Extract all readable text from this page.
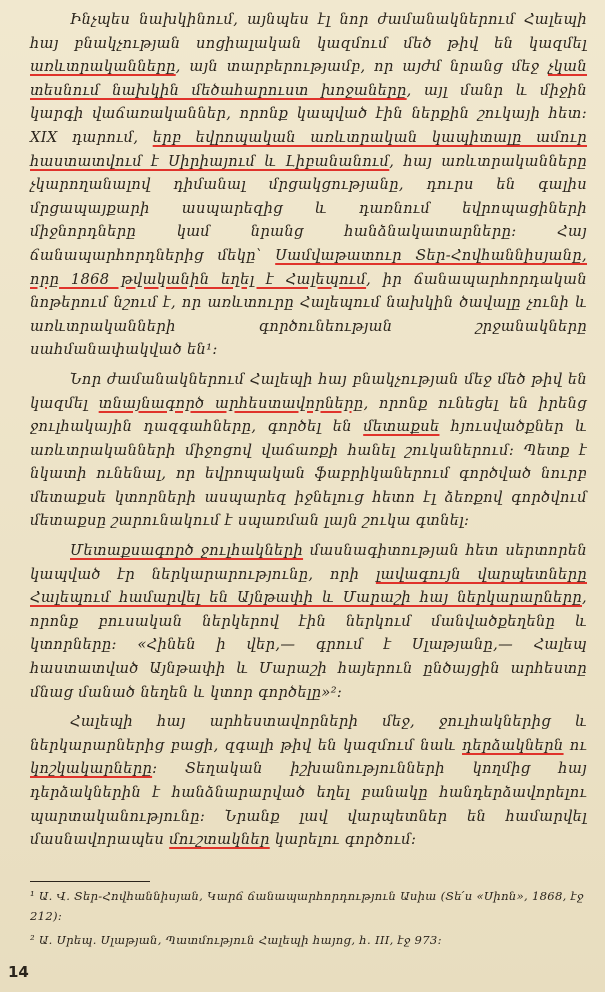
Ինչպես նախկինում, այնպես էլ նոր ժամանակներում Հալեպի հայ բնակչության սոցիալական կազմում մեծ թիվ են կազմել առևտրականները, այն տարբերությամբ, որ այժմ նրանց մեջ չկան տեսնում նախկին մեծահարուստ խոջաները, այլ մանր և միջին կարգի վաճառականներ, որոնք կապված էին ներքին շուկայի հետ։ XIX դարում, երբ եվրոպական առևտրական կապիտալը ամուր հաստատվում է Սիրիայում և Լիբանանում, հայ առևտրականները չկարողանալով դիմանալ մրցակցությանը, դուրս են գալիս մրցապայքարի ասպարեզից և դառնում եվրոպացիների միջնորդները կամ նրանց հանձնակատարները։ Հայ ճանապարհորդներից մեկը՝ Սամվաթատուր Տեր-Հովհաննիսյանը, որը 1868 թվականին եղել է Հալեպում, իր ճանապարհորդական նոթերում նշում է, որ առևտուրը Հալեպում նախկին ծավալը չունի և առևտրականների գործունեության շրջանակները սահմանափակված են¹։

Նոր ժամանակներում Հալեպի հայ բնակչության մեջ մեծ թիվ են կազմել տնայնագործ արհեստավորները, որոնք ունեցել են իրենց ջուլհակային դազգահները, գործել են մետաքսե հյուսվածքներ և առևտրականների միջոցով վաճառքի հանել շուկաներում։ Պետք է նկատի ունենալ, որ եվրոպական ֆաբրիկաներում գործված նուրբ մետաքսե կտորների ասպարեզ իջնելուց հետո էլ ձեռքով գործվում մետաքսը շարունակում է սպառման լայն շուկա գտնել։

Մետաքսագործ ջուլհակների մասնագիտության հետ սերտորեն կապված էր ներկարարությունը, որի լավագույն վարպետները Հալեպում համարվել են Այնթափի և Մարաշի հայ ներկարարները, որոնք բուսական ներկերով էին ներկում մանվածքեղենը և կտորները։ «Հինեն ի վեր,— գրում է Սլաթյանը,— Հալեպ հաստատված Այնթափի և Մարաշի հայերուն ընծայցին արհեստը մնաց մանած նեղեն և կտոր գործելը»²։

Հալեպի հայ արհեստավորների մեջ, ջուլհակներից և ներկարարներից բացի, զգալի թիվ են կազմում նաև դերձակներն ու կոշկակարները։ Տեղական իշխանությունների կողմից հայ դերձակներին է հանձնարարված եղել բանակը հանդերձավորելու պարտականությունը։ Նրանք լավ վարպետներ են համարվել մասնավորապես մուշտակներ կարելու գործում։

¹ Ա. Վ. Տեր-Հովհաննիսյան, Կարճ ճանապարհորդություն Ասիա (Տե՛ս «Սիոն», 1868, էջ 212)։
² Ա. Սրեպ. Սլաթյան, Պատմություն Հալեպի հայոց, հ. III, էջ 973։
14
